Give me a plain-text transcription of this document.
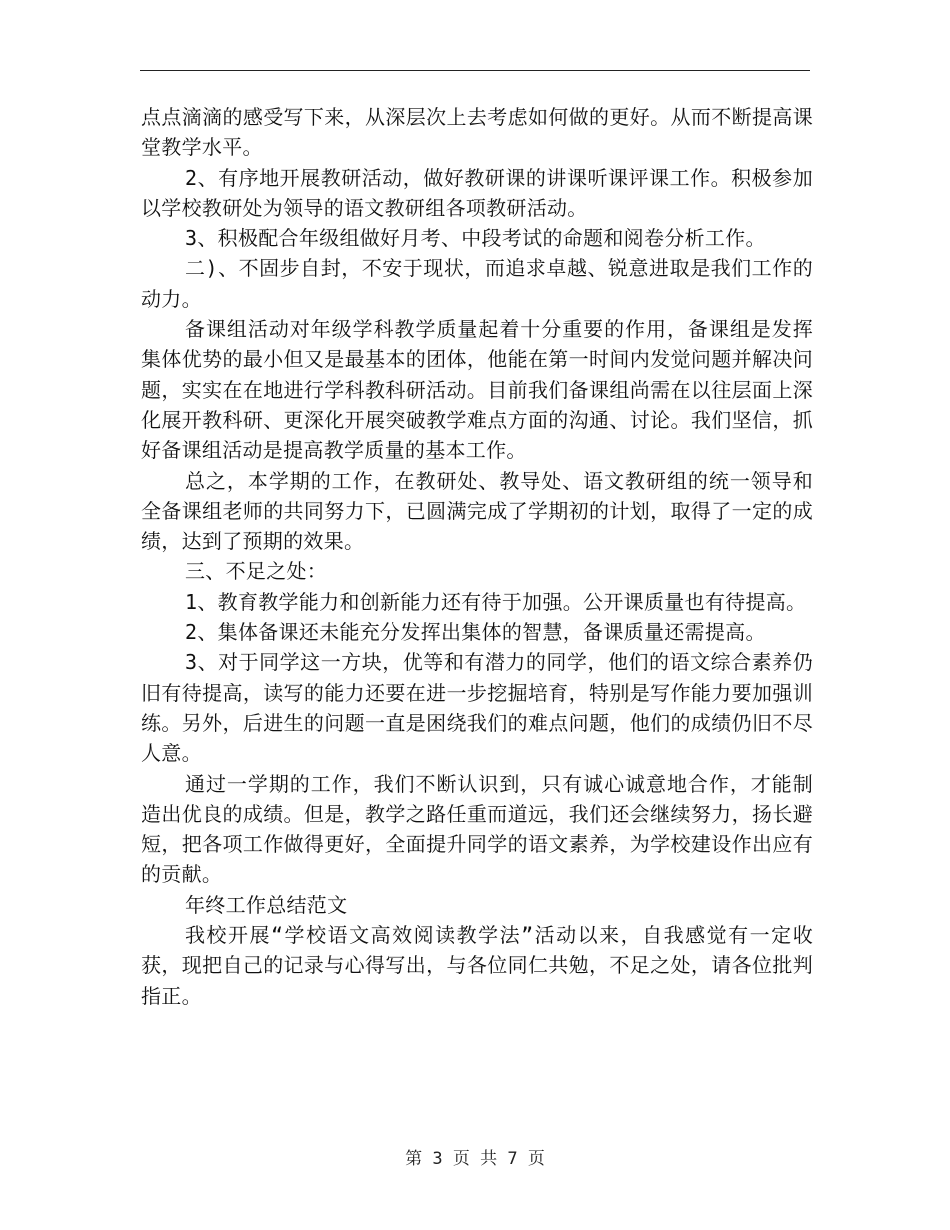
点点滴滴的感受写下来，从深层次上去考虑如何做的更好。从而不断提高课堂教学水平。

2、有序地开展教研活动，做好教研课的讲课听课评课工作。积极参加以学校教研处为领导的语文教研组各项教研活动。

3、积极配合年级组做好月考、中段考试的命题和阅卷分析工作。

二)、不固步自封，不安于现状，而追求卓越、锐意进取是我们工作的动力。

备课组活动对年级学科教学质量起着十分重要的作用，备课组是发挥集体优势的最小但又是最基本的团体，他能在第一时间内发觉问题并解决问题，实实在在地进行学科教科研活动。目前我们备课组尚需在以往层面上深化展开教科研、更深化开展突破教学难点方面的沟通、讨论。我们坚信，抓好备课组活动是提高教学质量的基本工作。

总之，本学期的工作，在教研处、教导处、语文教研组的统一领导和全备课组老师的共同努力下，已圆满完成了学期初的计划，取得了一定的成绩，达到了预期的效果。

三、不足之处：

1、教育教学能力和创新能力还有待于加强。公开课质量也有待提高。

2、集体备课还未能充分发挥出集体的智慧，备课质量还需提高。

3、对于同学这一方块，优等和有潜力的同学，他们的语文综合素养仍旧有待提高，读写的能力还要在进一步挖掘培育，特别是写作能力要加强训练。另外，后进生的问题一直是困绕我们的难点问题，他们的成绩仍旧不尽人意。

通过一学期的工作，我们不断认识到，只有诚心诚意地合作，才能制造出优良的成绩。但是，教学之路任重而道远，我们还会继续努力，扬长避短，把各项工作做得更好，全面提升同学的语文素养，为学校建设作出应有的贡献。

年终工作总结范文

我校开展“学校语文高效阅读教学法”活动以来，自我感觉有一定收获，现把自己的记录与心得写出，与各位同仁共勉，不足之处，请各位批判指正。

第 3 页 共 7 页
